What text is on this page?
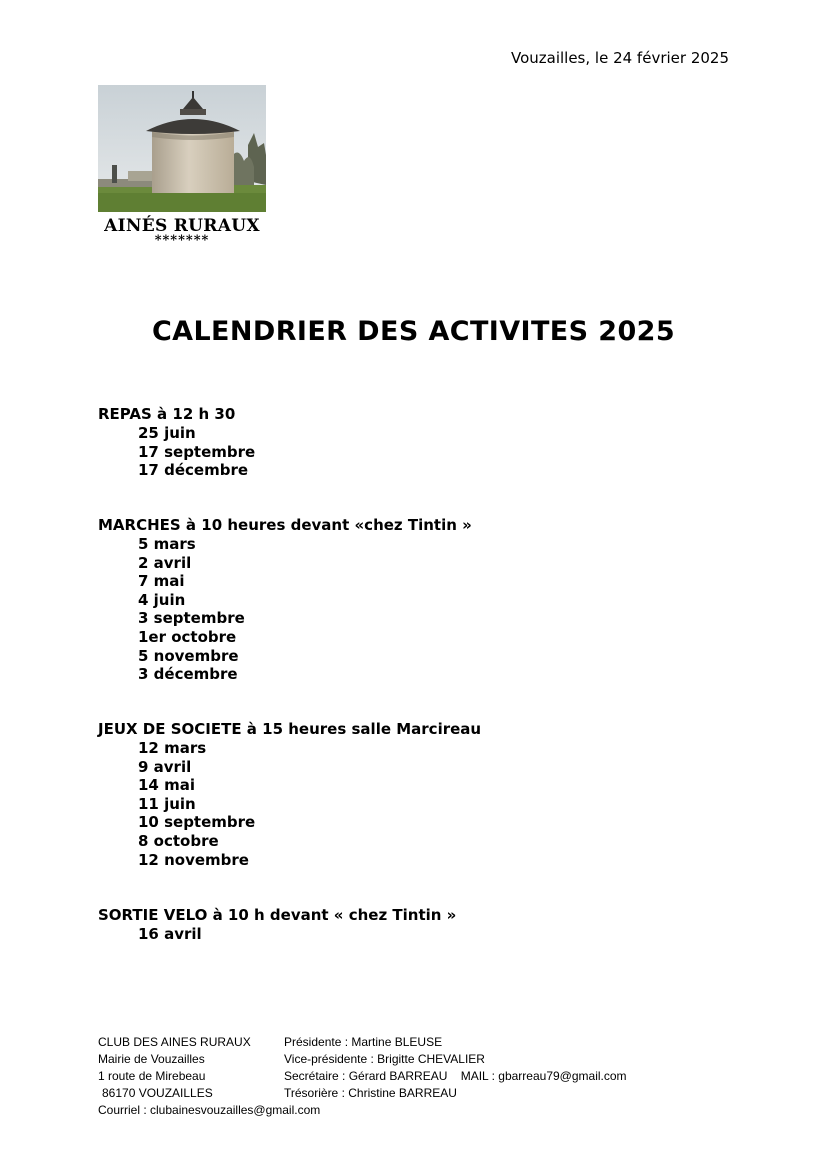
Vouzailles, le 24 février 2025
AINÉS RURAUX
*******
CALENDRIER DES ACTIVITES 2025
REPAS à 12 h 30
25 juin
17 septembre
17 décembre
MARCHES à 10 heures devant «chez Tintin »
5 mars
2 avril
7 mai
4 juin
3 septembre
1er octobre
5 novembre
3 décembre
JEUX DE SOCIETE à 15 heures salle Marcireau
12 mars
9 avril
14 mai
11 juin
10 septembre
8 octobre
12 novembre
SORTIE VELO à 10 h devant « chez Tintin »
16 avril
CLUB DES AINES RURAUX	Présidente : Martine BLEUSE
Mairie de Vouzailles	Vice-présidente : Brigitte CHEVALIER
1 route de Mirebeau	Secrétaire : Gérard BARREAU    MAIL : gbarreau79@gmail.com
86170 VOUZAILLES	Trésorière : Christine BARREAU
Courriel : clubainesvouzailles@gmail.com
